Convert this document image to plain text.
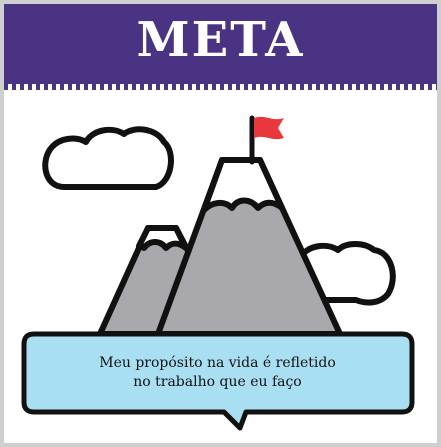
META
Meu propósito na vida é refletido
no trabalho que eu faço
